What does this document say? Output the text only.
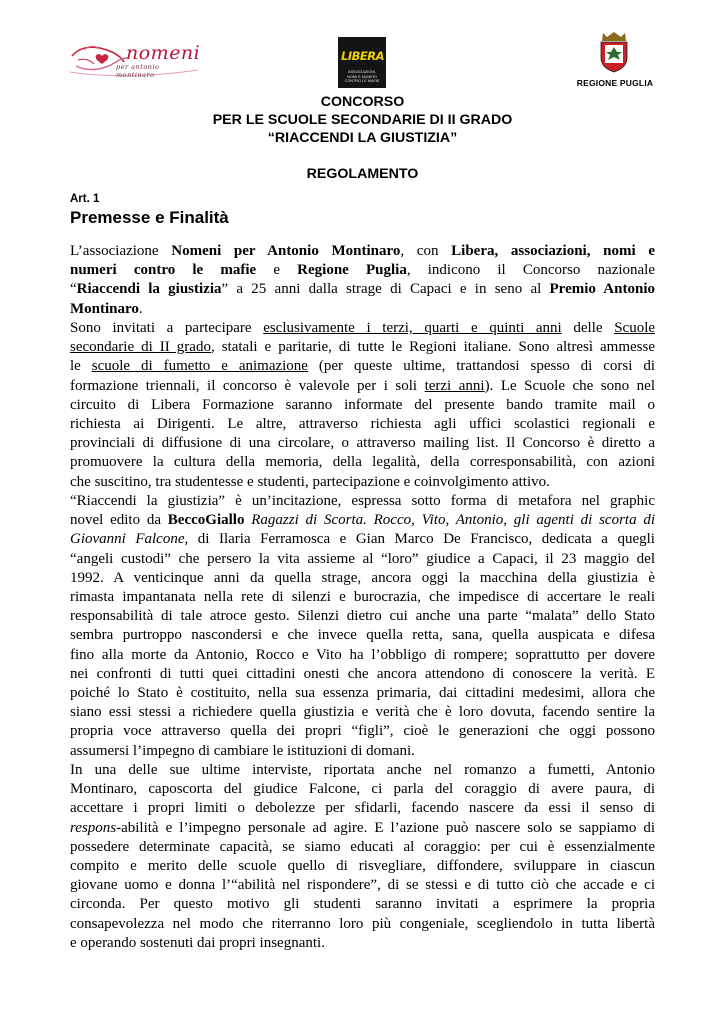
nomeni
per antonio montinaro
LIBERA
ASSOCIAZIONI,
NOMI E NUMERI
CONTRO LE MAFIE	REGIONE PUGLIA
CONCORSO
PER LE SCUOLE SECONDARIE DI II GRADO
“RIACCENDI LA GIUSTIZIA”
REGOLAMENTO
Art. 1
Premesse e Finalità

L’associazione Nomeni per Antonio Montinaro, con Libera, associazioni, nomi e
numeri contro le mafie e Regione Puglia, indicono il Concorso nazionale
“Riaccendi la giustizia” a 25 anni dalla strage di Capaci e in seno al Premio Antonio
Montinaro.

Sono invitati a partecipare esclusivamente i terzi, quarti e quinti anni delle Scuole
secondarie di II grado, statali e paritarie, di tutte le Regioni italiane. Sono altresì ammesse
le scuole di fumetto e animazione (per queste ultime, trattandosi spesso di corsi di
formazione triennali, il concorso è valevole per i soli terzi anni). Le Scuole che sono nel
circuito di Libera Formazione saranno informate del presente bando tramite mail o
richiesta ai Dirigenti. Le altre, attraverso richiesta agli uffici scolastici regionali e
provinciali di diffusione di una circolare, o attraverso mailing list. Il Concorso è diretto a
promuovere la cultura della memoria, della legalità, della corresponsabilità, con azioni
che suscitino, tra studentesse e studenti, partecipazione e coinvolgimento attivo.

“Riaccendi la giustizia” è un’incitazione, espressa sotto forma di metafora nel graphic
novel edito da BeccoGiallo Ragazzi di Scorta. Rocco, Vito, Antonio, gli agenti di scorta di
Giovanni Falcone, di Ilaria Ferramosca e Gian Marco De Francisco, dedicata a quegli
“angeli custodi” che persero la vita assieme al “loro” giudice a Capaci, il 23 maggio del
1992. A venticinque anni da quella strage, ancora oggi la macchina della giustizia è
rimasta impantanata nella rete di silenzi e burocrazia, che impedisce di accertare le reali
responsabilità di tale atroce gesto. Silenzi dietro cui anche una parte “malata” dello Stato
sembra purtroppo nascondersi e che invece quella retta, sana, quella auspicata e difesa
fino alla morte da Antonio, Rocco e Vito ha l’obbligo di rompere; soprattutto per dovere
nei confronti di tutti quei cittadini onesti che ancora attendono di conoscere la verità. E
poiché lo Stato è costituito, nella sua essenza primaria, dai cittadini medesimi, allora che
siano essi stessi a richiedere quella giustizia e verità che è loro dovuta, facendo sentire la
propria voce attraverso quella dei propri “figli”, cioè le generazioni che oggi possono
assumersi l’impegno di cambiare le istituzioni di domani.

In una delle sue ultime interviste, riportata anche nel romanzo a fumetti, Antonio
Montinaro, caposcorta del giudice Falcone, ci parla del coraggio di avere paura, di
accettare i propri limiti o debolezze per sfidarli, facendo nascere da essi il senso di
respons-abilità e l’impegno personale ad agire. E l’azione può nascere solo se sappiamo di
possedere determinate capacità, se siamo educati al coraggio: per cui è essenzialmente
compito e merito delle scuole quello di risvegliare, diffondere, sviluppare in ciascun
giovane uomo e donna l’“abilità nel rispondere”, di se stessi e di tutto ciò che accade e ci
circonda. Per questo motivo gli studenti saranno invitati a esprimere la propria
consapevolezza nel modo che riterranno loro più congeniale, scegliendolo in tutta libertà
e operando sostenuti dai propri insegnanti.
